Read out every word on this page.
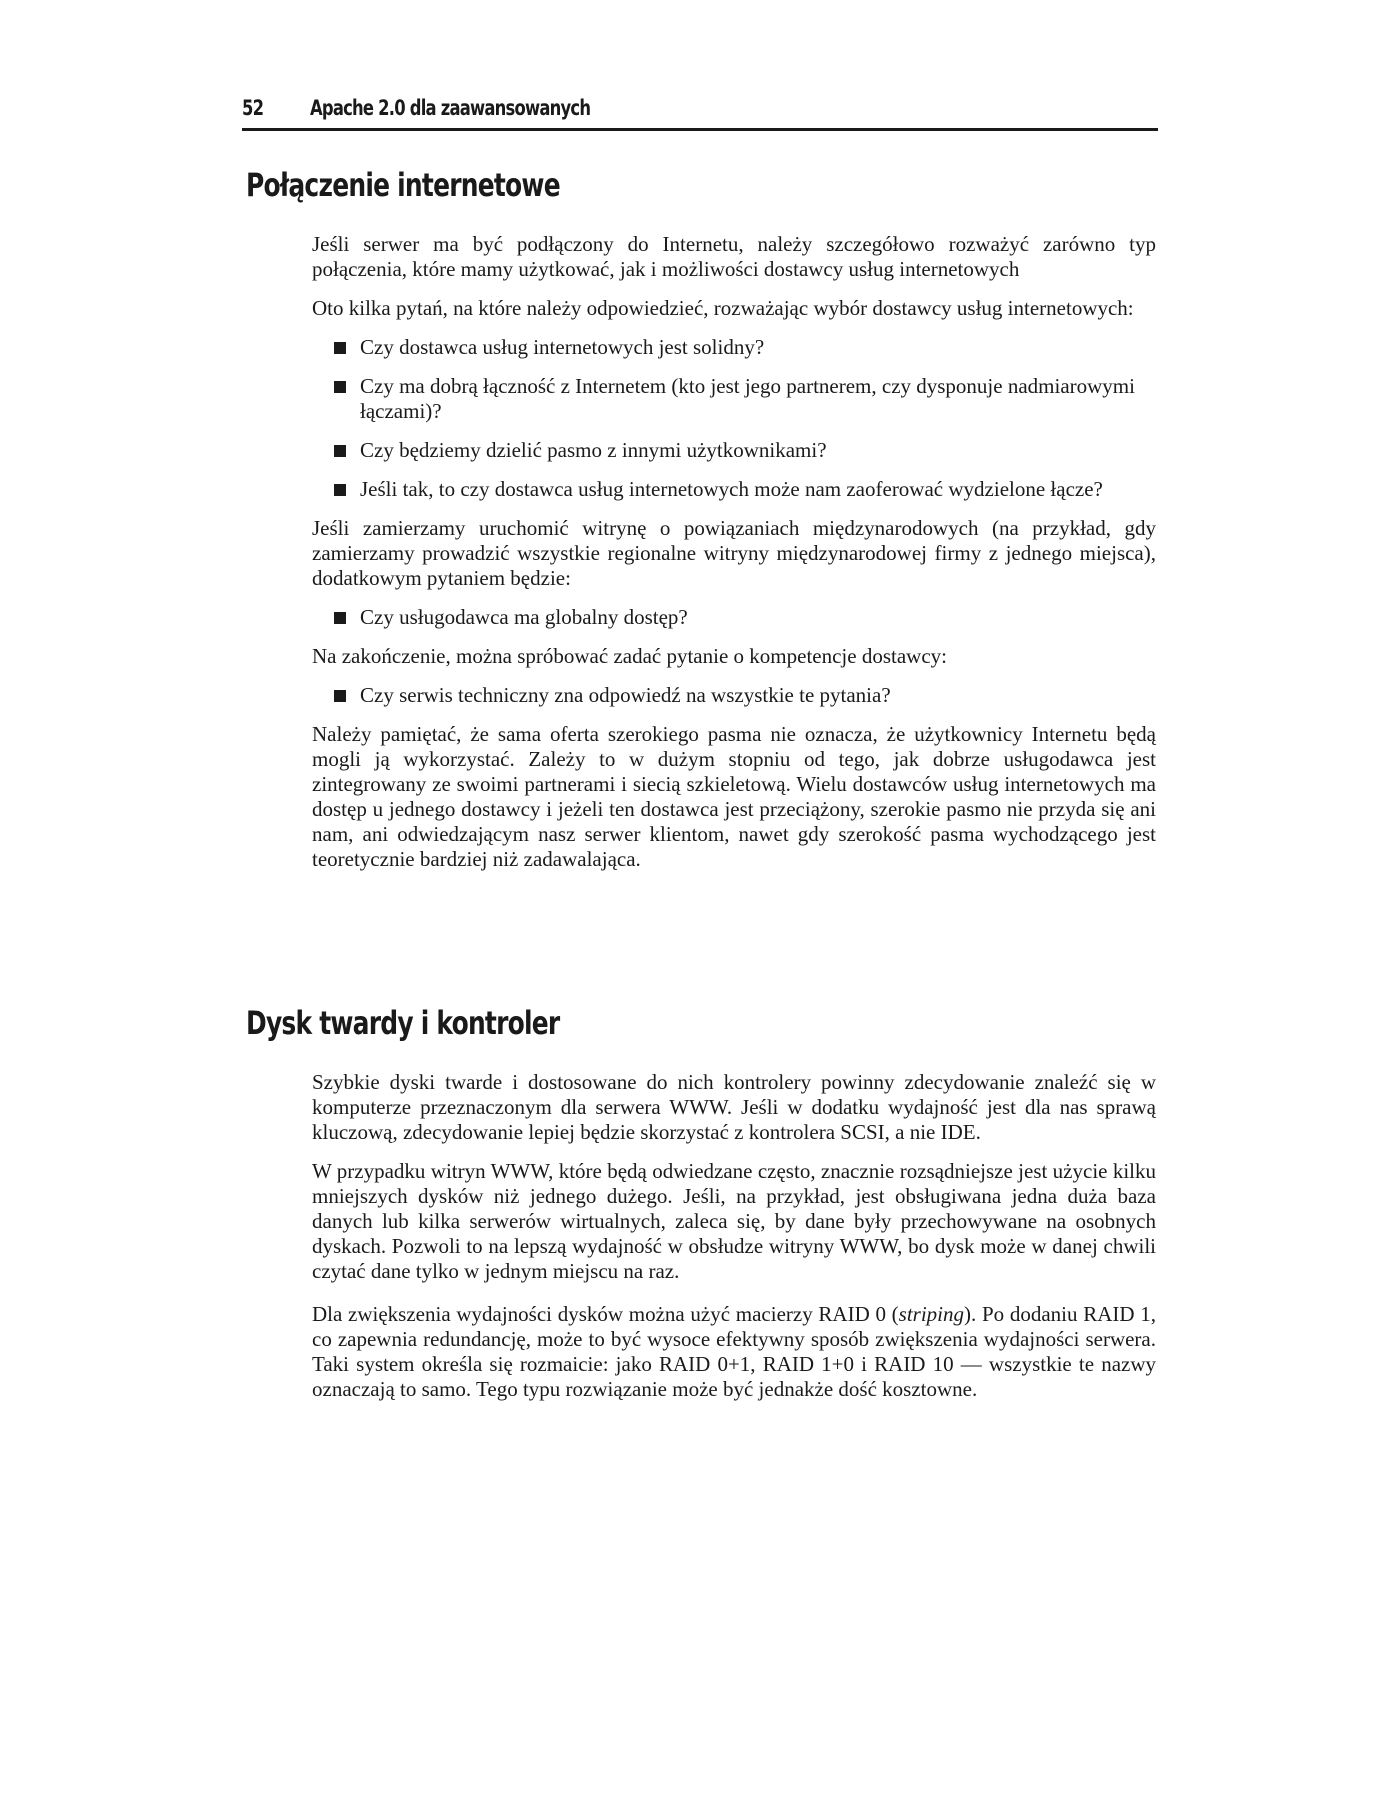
52 Apache 2.0 dla zaawansowanych
Połączenie internetowe

Jeśli serwer ma być podłączony do Internetu, należy szczegółowo rozważyć zarówno typ połączenia, które mamy użytkować, jak i możliwości dostawcy usług internetowych

Oto kilka pytań, na które należy odpowiedzieć, rozważając wybór dostawcy usług internetowych:

Czy dostawca usług internetowych jest solidny?
Czy ma dobrą łączność z Internetem (kto jest jego partnerem, czy dysponuje nadmiarowymi łączami)?
Czy będziemy dzielić pasmo z innymi użytkownikami?
Jeśli tak, to czy dostawca usług internetowych może nam zaoferować wydzielone łącze?

Jeśli zamierzamy uruchomić witrynę o powiązaniach międzynarodowych (na przykład, gdy zamierzamy prowadzić wszystkie regionalne witryny międzynarodowej firmy z jednego miejsca), dodatkowym pytaniem będzie:

Czy usługodawca ma globalny dostęp?

Na zakończenie, można spróbować zadać pytanie o kompetencje dostawcy:

Czy serwis techniczny zna odpowiedź na wszystkie te pytania?

Należy pamiętać, że sama oferta szerokiego pasma nie oznacza, że użytkownicy Internetu będą mogli ją wykorzystać. Zależy to w dużym stopniu od tego, jak dobrze usługodawca jest zintegrowany ze swoimi partnerami i siecią szkieletową. Wielu dostawców usług internetowych ma dostęp u jednego dostawcy i jeżeli ten dostawca jest przeciążony, szerokie pasmo nie przyda się ani nam, ani odwiedzającym nasz serwer klientom, nawet gdy szerokość pasma wychodzącego jest teoretycznie bardziej niż zadawalająca.

Dysk twardy i kontroler

Szybkie dyski twarde i dostosowane do nich kontrolery powinny zdecydowanie znaleźć się w komputerze przeznaczonym dla serwera WWW. Jeśli w dodatku wydajność jest dla nas sprawą kluczową, zdecydowanie lepiej będzie skorzystać z kontrolera SCSI, a nie IDE.

W przypadku witryn WWW, które będą odwiedzane często, znacznie rozsądniejsze jest użycie kilku mniejszych dysków niż jednego dużego. Jeśli, na przykład, jest obsługiwana jedna duża baza danych lub kilka serwerów wirtualnych, zaleca się, by dane były przechowywane na osobnych dyskach. Pozwoli to na lepszą wydajność w obsłudze witryny WWW, bo dysk może w danej chwili czytać dane tylko w jednym miejscu na raz.

Dla zwiększenia wydajności dysków można użyć macierzy RAID 0 (striping). Po dodaniu RAID 1, co zapewnia redundancję, może to być wysoce efektywny sposób zwiększenia wydajności serwera. Taki system określa się rozmaicie: jako RAID 0+1, RAID 1+0 i RAID 10 — wszystkie te nazwy oznaczają to samo. Tego typu rozwiązanie może być jednakże dość kosztowne.
